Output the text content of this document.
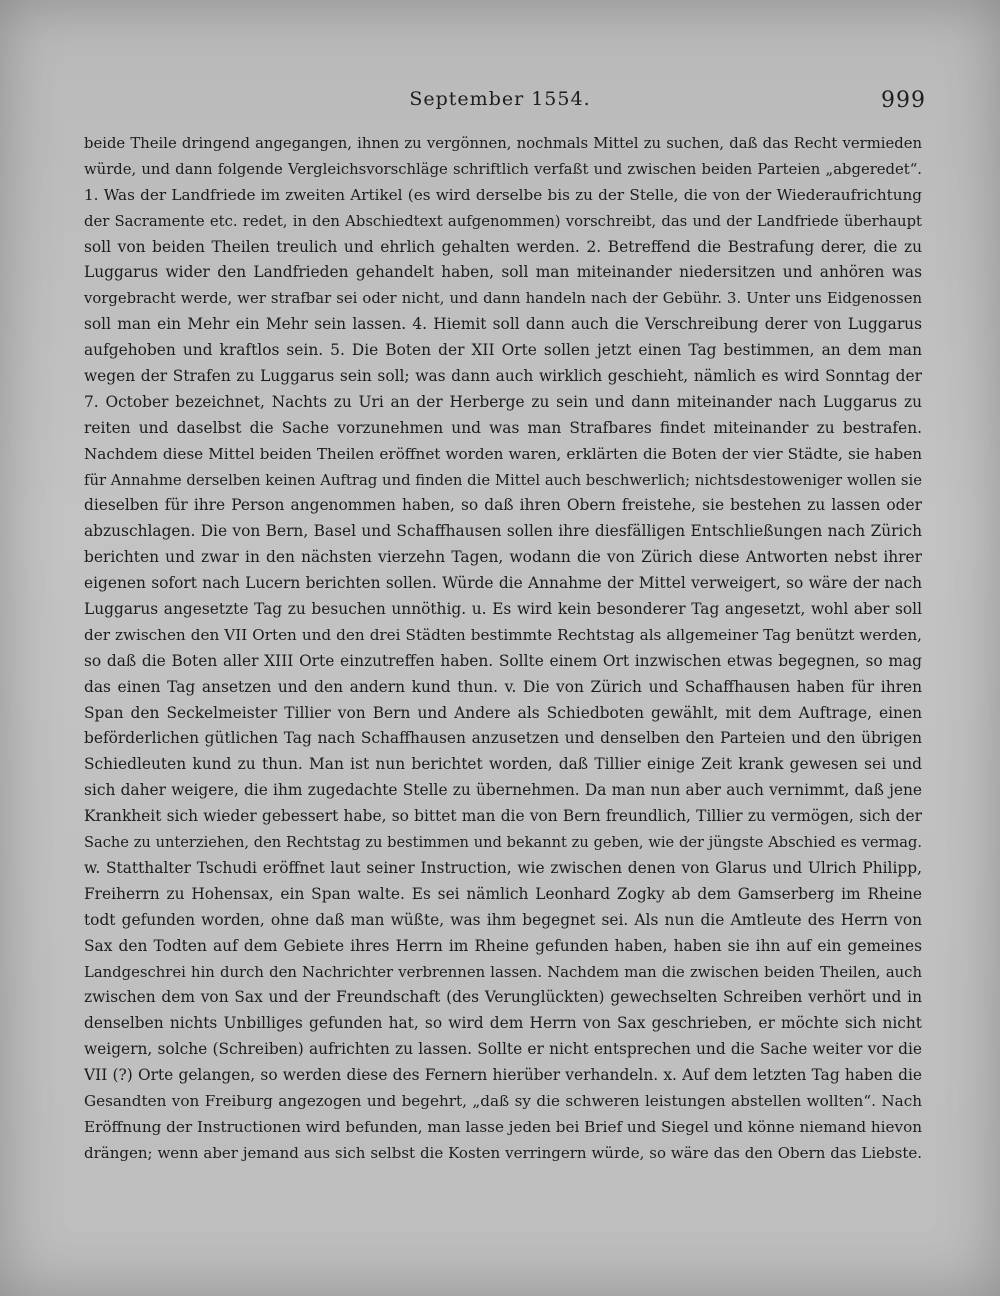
September 1554.	999
beide Theile dringend angegangen, ihnen zu vergönnen, nochmals Mittel zu suchen, daß das Recht vermieden
würde, und dann folgende Vergleichsvorschläge schriftlich verfaßt und zwischen beiden Parteien „abgeredet“.
1. Was der Landfriede im zweiten Artikel (es wird derselbe bis zu der Stelle, die von der Wiederaufrichtung
der Sacramente etc. redet, in den Abschiedtext aufgenommen) vorschreibt, das und der Landfriede überhaupt
soll von beiden Theilen treulich und ehrlich gehalten werden. 2. Betreffend die Bestrafung derer, die zu
Luggarus wider den Landfrieden gehandelt haben, soll man miteinander niedersitzen und anhören was
vorgebracht werde, wer strafbar sei oder nicht, und dann handeln nach der Gebühr. 3. Unter uns Eidgenossen
soll man ein Mehr ein Mehr sein lassen. 4. Hiemit soll dann auch die Verschreibung derer von Luggarus
aufgehoben und kraftlos sein. 5. Die Boten der XII Orte sollen jetzt einen Tag bestimmen, an dem man
wegen der Strafen zu Luggarus sein soll; was dann auch wirklich geschieht, nämlich es wird Sonntag der
7. October bezeichnet, Nachts zu Uri an der Herberge zu sein und dann miteinander nach Luggarus zu
reiten und daselbst die Sache vorzunehmen und was man Strafbares findet miteinander zu bestrafen.
Nachdem diese Mittel beiden Theilen eröffnet worden waren, erklärten die Boten der vier Städte, sie haben
für Annahme derselben keinen Auftrag und finden die Mittel auch beschwerlich; nichtsdestoweniger wollen sie
dieselben für ihre Person angenommen haben, so daß ihren Obern freistehe, sie bestehen zu lassen oder
abzuschlagen. Die von Bern, Basel und Schaffhausen sollen ihre diesfälligen Entschließungen nach Zürich
berichten und zwar in den nächsten vierzehn Tagen, wodann die von Zürich diese Antworten nebst ihrer
eigenen sofort nach Lucern berichten sollen. Würde die Annahme der Mittel verweigert, so wäre der nach
Luggarus angesetzte Tag zu besuchen unnöthig. u. Es wird kein besonderer Tag angesetzt, wohl aber soll
der zwischen den VII Orten und den drei Städten bestimmte Rechtstag als allgemeiner Tag benützt werden,
so daß die Boten aller XIII Orte einzutreffen haben. Sollte einem Ort inzwischen etwas begegnen, so mag
das einen Tag ansetzen und den andern kund thun. v. Die von Zürich und Schaffhausen haben für ihren
Span den Seckelmeister Tillier von Bern und Andere als Schiedboten gewählt, mit dem Auftrage, einen
beförderlichen gütlichen Tag nach Schaffhausen anzusetzen und denselben den Parteien und den übrigen
Schiedleuten kund zu thun. Man ist nun berichtet worden, daß Tillier einige Zeit krank gewesen sei und
sich daher weigere, die ihm zugedachte Stelle zu übernehmen. Da man nun aber auch vernimmt, daß jene
Krankheit sich wieder gebessert habe, so bittet man die von Bern freundlich, Tillier zu vermögen, sich der
Sache zu unterziehen, den Rechtstag zu bestimmen und bekannt zu geben, wie der jüngste Abschied es vermag.
w. Statthalter Tschudi eröffnet laut seiner Instruction, wie zwischen denen von Glarus und Ulrich Philipp,
Freiherrn zu Hohensax, ein Span walte. Es sei nämlich Leonhard Zogky ab dem Gamserberg im Rheine
todt gefunden worden, ohne daß man wüßte, was ihm begegnet sei. Als nun die Amtleute des Herrn von
Sax den Todten auf dem Gebiete ihres Herrn im Rheine gefunden haben, haben sie ihn auf ein gemeines
Landgeschrei hin durch den Nachrichter verbrennen lassen. Nachdem man die zwischen beiden Theilen, auch
zwischen dem von Sax und der Freundschaft (des Verunglückten) gewechselten Schreiben verhört und in
denselben nichts Unbilliges gefunden hat, so wird dem Herrn von Sax geschrieben, er möchte sich nicht
weigern, solche (Schreiben) aufrichten zu lassen. Sollte er nicht entsprechen und die Sache weiter vor die
VII (?) Orte gelangen, so werden diese des Fernern hierüber verhandeln. x. Auf dem letzten Tag haben die
Gesandten von Freiburg angezogen und begehrt, „daß sy die schweren leistungen abstellen wollten“. Nach
Eröffnung der Instructionen wird befunden, man lasse jeden bei Brief und Siegel und könne niemand hievon
drängen; wenn aber jemand aus sich selbst die Kosten verringern würde, so wäre das den Obern das Liebste.
